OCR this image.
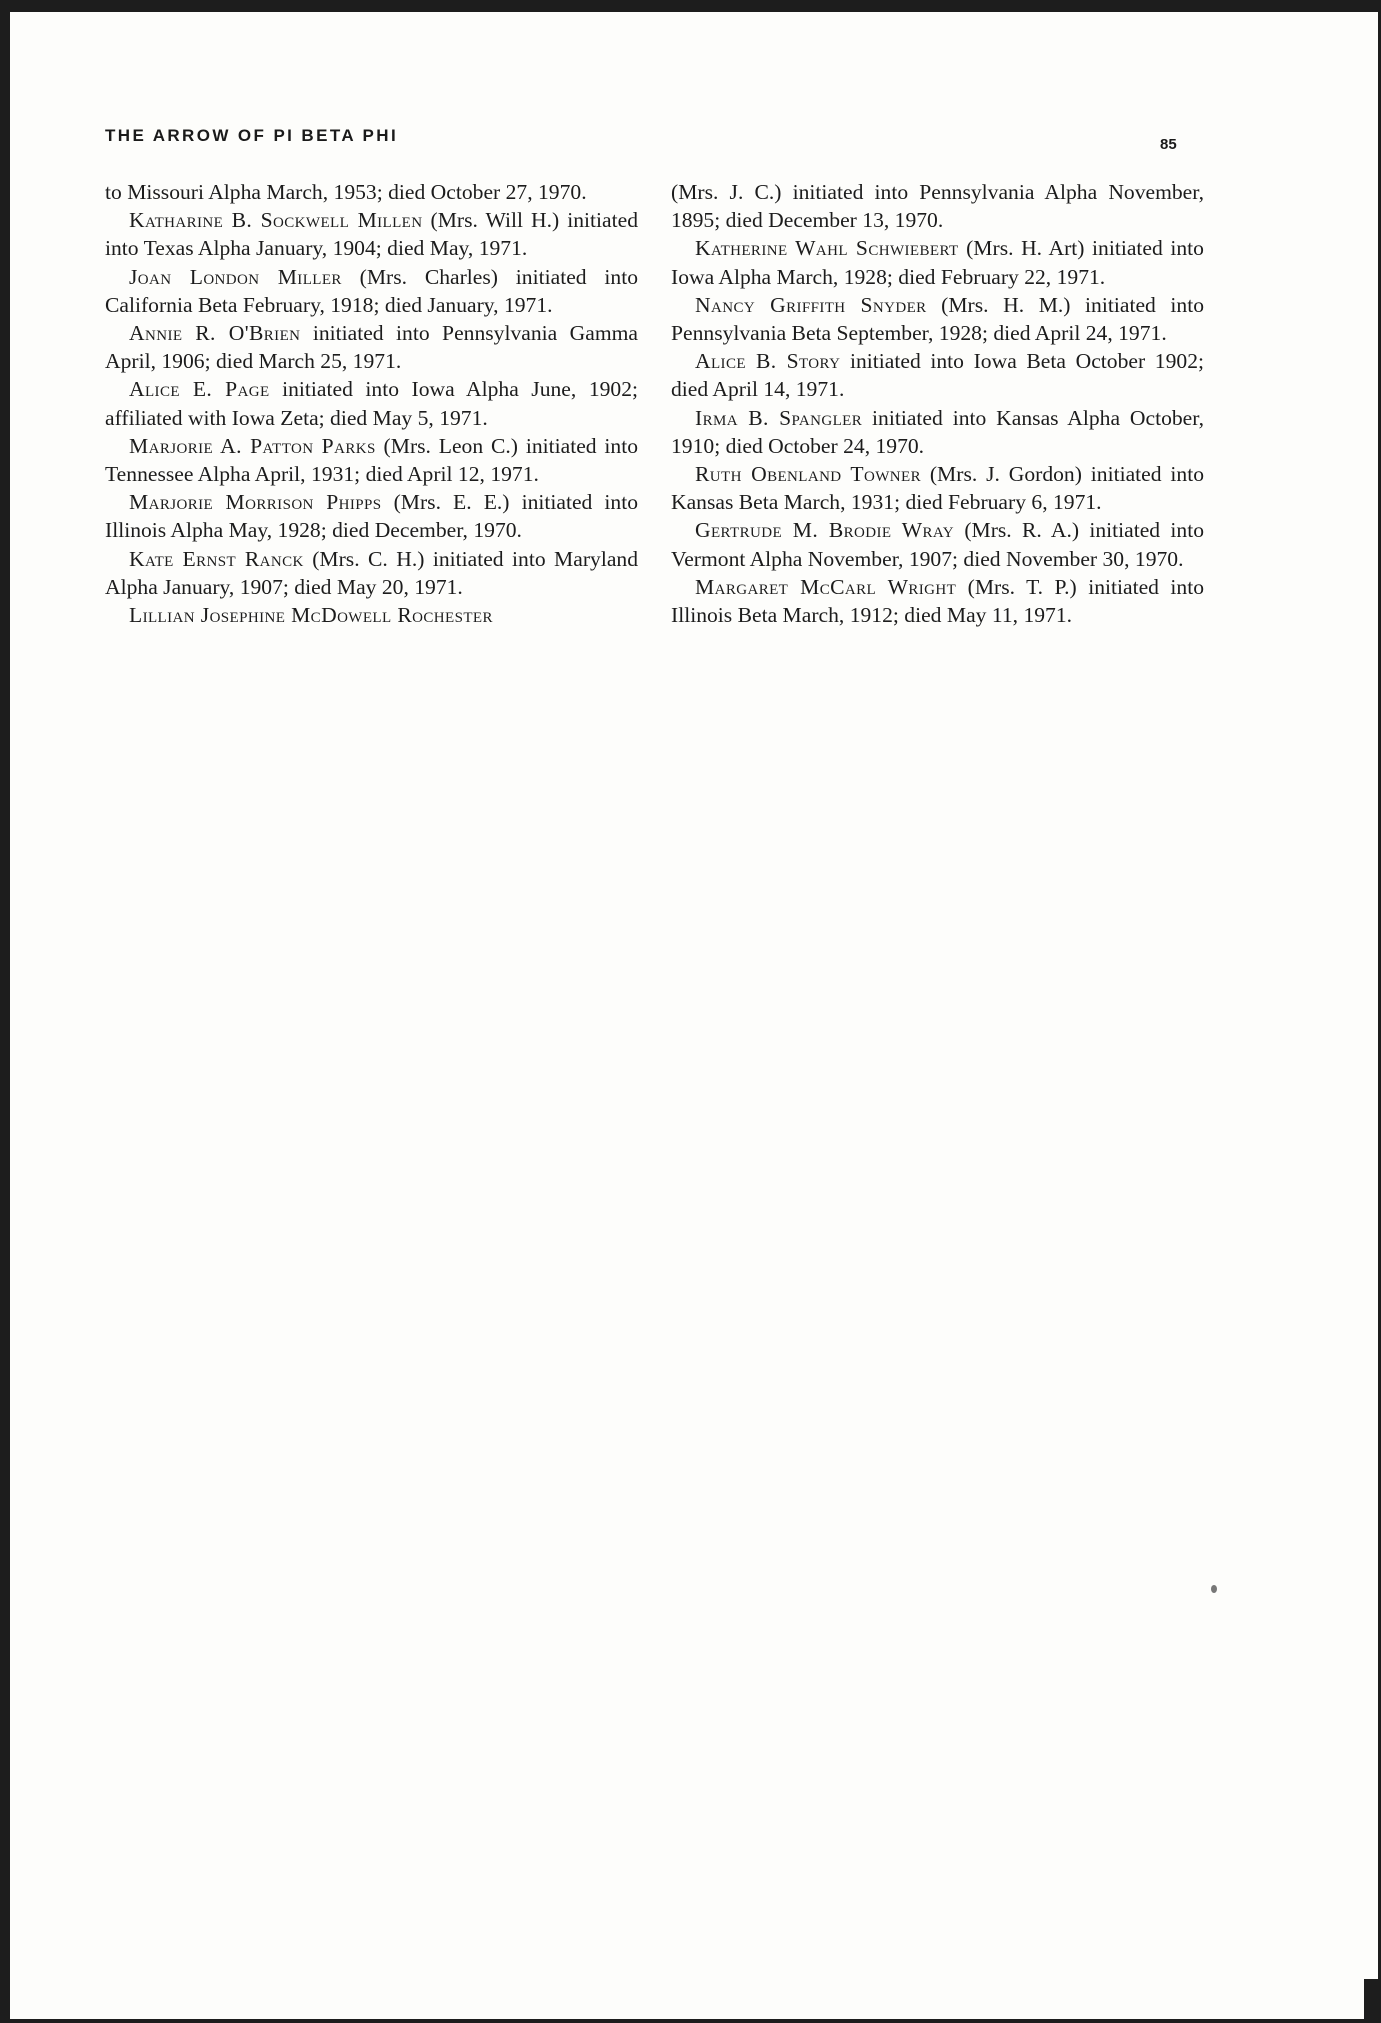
THE ARROW OF PI BETA PHI	85

to Missouri Alpha March, 1953; died October 27, 1970.

Katharine B. Sockwell Millen (Mrs. Will H.) initiated into Texas Alpha January, 1904; died May, 1971.

Joan London Miller (Mrs. Charles) initiated into California Beta February, 1918; died January, 1971.

Annie R. O'Brien initiated into Pennsylvania Gamma April, 1906; died March 25, 1971.

Alice E. Page initiated into Iowa Alpha June, 1902; affiliated with Iowa Zeta; died May 5, 1971.

Marjorie A. Patton Parks (Mrs. Leon C.) initiated into Tennessee Alpha April, 1931; died April 12, 1971.

Marjorie Morrison Phipps (Mrs. E. E.) initiated into Illinois Alpha May, 1928; died December, 1970.

Kate Ernst Ranck (Mrs. C. H.) initiated into Maryland Alpha January, 1907; died May 20, 1971.

Lillian Josephine McDowell Rochester

(Mrs. J. C.) initiated into Pennsylvania Alpha November, 1895; died December 13, 1970.

Katherine Wahl Schwiebert (Mrs. H. Art) initiated into Iowa Alpha March, 1928; died February 22, 1971.

Nancy Griffith Snyder (Mrs. H. M.) initiated into Pennsylvania Beta September, 1928; died April 24, 1971.

Alice B. Story initiated into Iowa Beta October 1902; died April 14, 1971.

Irma B. Spangler initiated into Kansas Alpha October, 1910; died October 24, 1970.

Ruth Obenland Towner (Mrs. J. Gordon) initiated into Kansas Beta March, 1931; died February 6, 1971.

Gertrude M. Brodie Wray (Mrs. R. A.) initiated into Vermont Alpha November, 1907; died November 30, 1970.

Margaret McCarl Wright (Mrs. T. P.) initiated into Illinois Beta March, 1912; died May 11, 1971.
